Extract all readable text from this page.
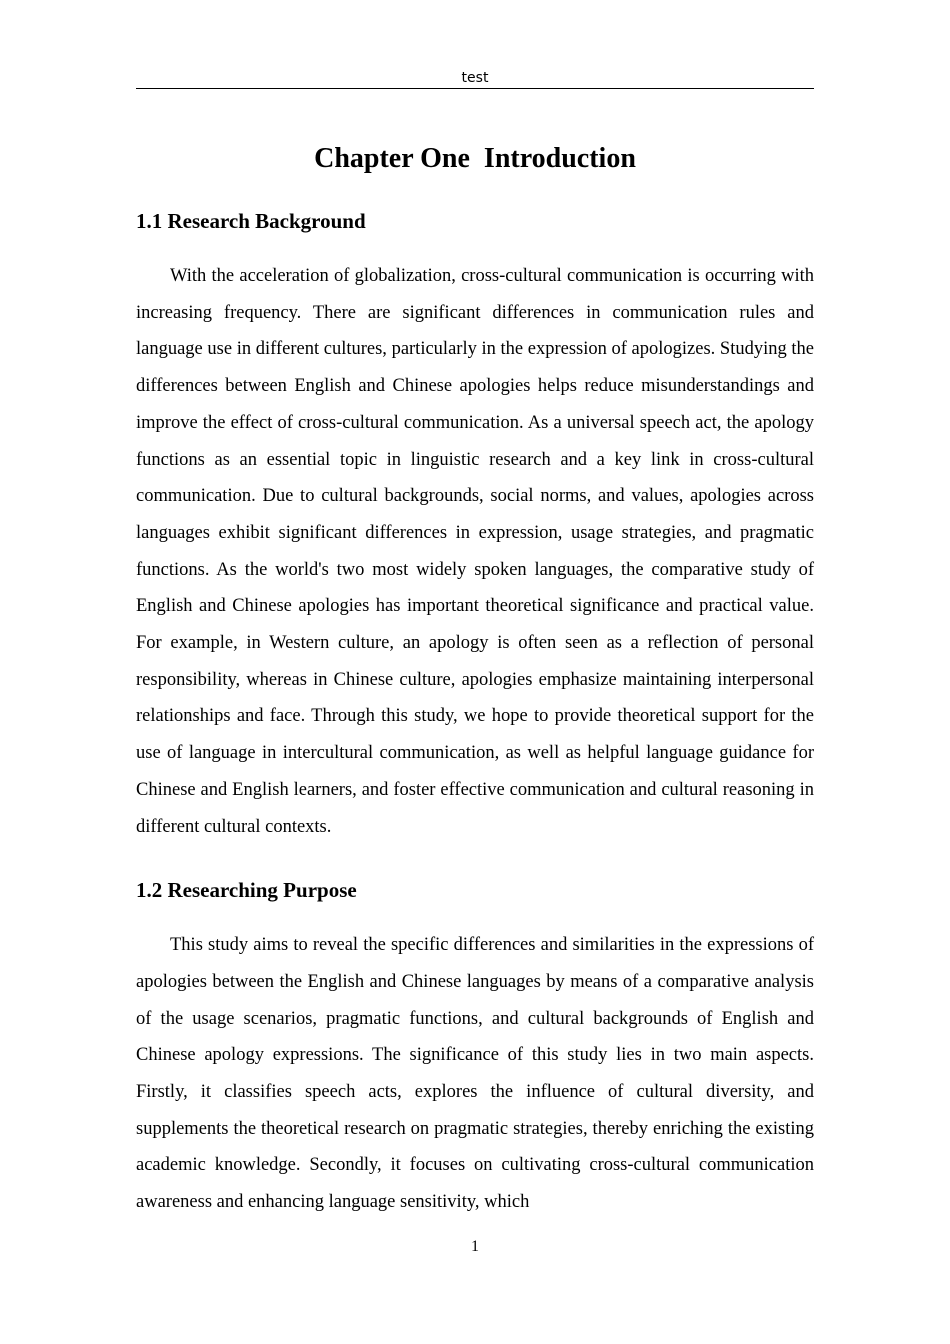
test
Chapter One  Introduction
1.1 Research Background

With the acceleration of globalization, cross-cultural communication is occurring with increasing frequency. There are significant differences in communication rules and language use in different cultures, particularly in the expression of apologizes. Studying the differences between English and Chinese apologies helps reduce misunderstandings and improve the effect of cross-cultural communication. As a universal speech act, the apology functions as an essential topic in linguistic research and a key link in cross-cultural communication. Due to cultural backgrounds, social norms, and values, apologies across languages exhibit significant differences in expression, usage strategies, and pragmatic functions. As the world's two most widely spoken languages, the comparative study of English and Chinese apologies has important theoretical significance and practical value. For example, in Western culture, an apology is often seen as a reflection of personal responsibility, whereas in Chinese culture, apologies emphasize maintaining interpersonal relationships and face. Through this study, we hope to provide theoretical support for the use of language in intercultural communication, as well as helpful language guidance for Chinese and English learners, and foster effective communication and cultural reasoning in different cultural contexts.

1.2 Researching Purpose

This study aims to reveal the specific differences and similarities in the expressions of apologies between the English and Chinese languages by means of a comparative analysis of the usage scenarios, pragmatic functions, and cultural backgrounds of English and Chinese apology expressions. The significance of this study lies in two main aspects. Firstly, it classifies speech acts, explores the influence of cultural diversity, and supplements the theoretical research on pragmatic strategies, thereby enriching the existing academic knowledge. Secondly, it focuses on cultivating cross-cultural communication awareness and enhancing language sensitivity, which

1
